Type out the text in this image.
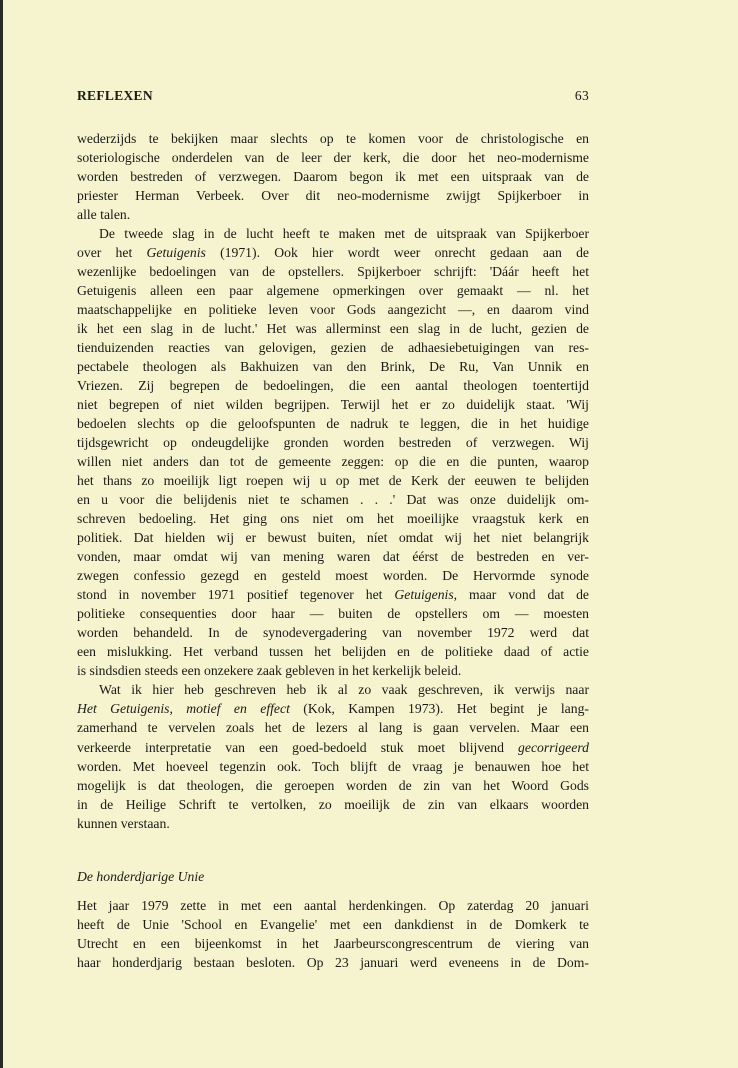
REFLEXEN	63
wederzijds te bekijken maar slechts op te komen voor de christologische en
soteriologische onderdelen van de leer der kerk, die door het neo-modernisme
worden bestreden of verzwegen. Daarom begon ik met een uitspraak van de
priester Herman Verbeek. Over dit neo-modernisme zwijgt Spijkerboer in
alle talen.
De tweede slag in de lucht heeft te maken met de uitspraak van Spijkerboer
over het Getuigenis (1971). Ook hier wordt weer onrecht gedaan aan de
wezenlijke bedoelingen van de opstellers. Spijkerboer schrijft: 'Dáár heeft het
Getuigenis alleen een paar algemene opmerkingen over gemaakt — nl. het
maatschappelijke en politieke leven voor Gods aangezicht —, en daarom vind
ik het een slag in de lucht.' Het was allerminst een slag in de lucht, gezien de
tienduizenden reacties van gelovigen, gezien de adhaesiebetuigingen van res-
pectabele theologen als Bakhuizen van den Brink, De Ru, Van Unnik en
Vriezen. Zij begrepen de bedoelingen, die een aantal theologen toentertijd
niet begrepen of niet wilden begrijpen. Terwijl het er zo duidelijk staat. 'Wij
bedoelen slechts op die geloofspunten de nadruk te leggen, die in het huidige
tijdsgewricht op ondeugdelijke gronden worden bestreden of verzwegen. Wij
willen niet anders dan tot de gemeente zeggen: op die en die punten, waarop
het thans zo moeilijk ligt roepen wij u op met de Kerk der eeuwen te belijden
en u voor die belijdenis niet te schamen . . .' Dat was onze duidelijk om-
schreven bedoeling. Het ging ons niet om het moeilijke vraagstuk kerk en
politiek. Dat hielden wij er bewust buiten, níet omdat wij het niet belangrijk
vonden, maar omdat wij van mening waren dat éérst de bestreden en ver-
zwegen confessio gezegd en gesteld moest worden. De Hervormde synode
stond in november 1971 positief tegenover het Getuigenis, maar vond dat de
politieke consequenties door haar — buiten de opstellers om — moesten
worden behandeld. In de synodevergadering van november 1972 werd dat
een mislukking. Het verband tussen het belijden en de politieke daad of actie
is sindsdien steeds een onzekere zaak gebleven in het kerkelijk beleid.
Wat ik hier heb geschreven heb ik al zo vaak geschreven, ik verwijs naar
Het Getuigenis, motief en effect (Kok, Kampen 1973). Het begint je lang-
zamerhand te vervelen zoals het de lezers al lang is gaan vervelen. Maar een
verkeerde interpretatie van een goed-bedoeld stuk moet blijvend gecorrigeerd
worden. Met hoeveel tegenzin ook. Toch blijft de vraag je benauwen hoe het
mogelijk is dat theologen, die geroepen worden de zin van het Woord Gods
in de Heilige Schrift te vertolken, zo moeilijk de zin van elkaars woorden
kunnen verstaan.
De honderdjarige Unie
Het jaar 1979 zette in met een aantal herdenkingen. Op zaterdag 20 januari
heeft de Unie 'School en Evangelie' met een dankdienst in de Domkerk te
Utrecht en een bijeenkomst in het Jaarbeurscongrescentrum de viering van
haar honderdjarig bestaan besloten. Op 23 januari werd eveneens in de Dom-
